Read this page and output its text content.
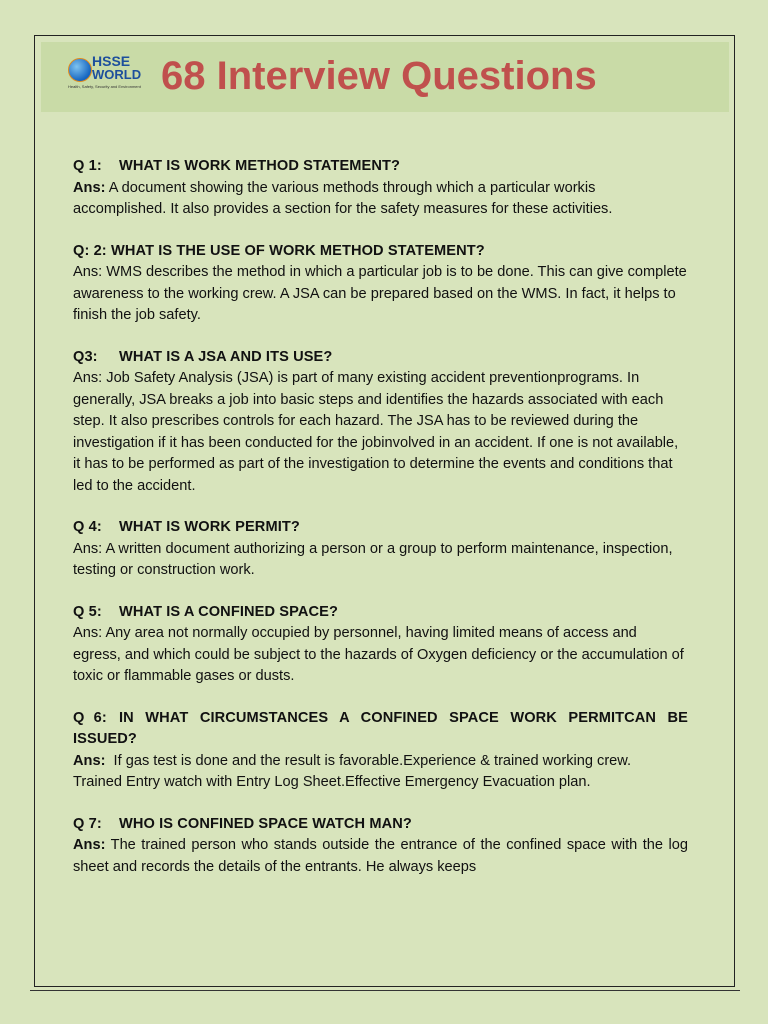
HSSE
WORLD
Health, Safety, Security and Environment 68 Interview Questions

Q 1: WHAT IS WORK METHOD STATEMENT?

Ans: A document showing the various methods through which a particular workis accomplished. It also provides a section for the safety measures for these activities.

Q: 2: WHAT IS THE USE OF WORK METHOD STATEMENT?

Ans: WMS describes the method in which a particular job is to be done. This can give complete awareness to the working crew. A JSA can be prepared based on the WMS. In fact, it helps to finish the job safety.

Q3: WHAT IS A JSA AND ITS USE?

Ans: Job Safety Analysis (JSA) is part of many existing accident preventionprograms. In generally, JSA breaks a job into basic steps and identifies the hazards associated with each step. It also prescribes controls for each hazard. The JSA has to be reviewed during the investigation if it has been conducted for the jobinvolved in an accident. If one is not available, it has to be performed as part of the investigation to determine the events and conditions that led to the accident.

Q 4: WHAT IS WORK PERMIT?

Ans: A written document authorizing a person or a group to perform maintenance, inspection, testing or construction work.

Q 5: WHAT IS A CONFINED SPACE?

Ans: Any area not normally occupied by personnel, having limited means of access and egress, and which could be subject to the hazards of Oxygen deficiency or the accumulation of toxic or flammable gases or dusts.

Q 6: IN WHAT CIRCUMSTANCES A CONFINED SPACE WORK PERMITCAN BE ISSUED?

Ans: If gas test is done and the result is favorable.Experience & trained working crew.

Trained Entry watch with Entry Log Sheet.Effective Emergency Evacuation plan.

Q 7: WHO IS CONFINED SPACE WATCH MAN?

Ans: The trained person who stands outside the entrance of the confined space with the log sheet and records the details of the entrants. He always keeps
